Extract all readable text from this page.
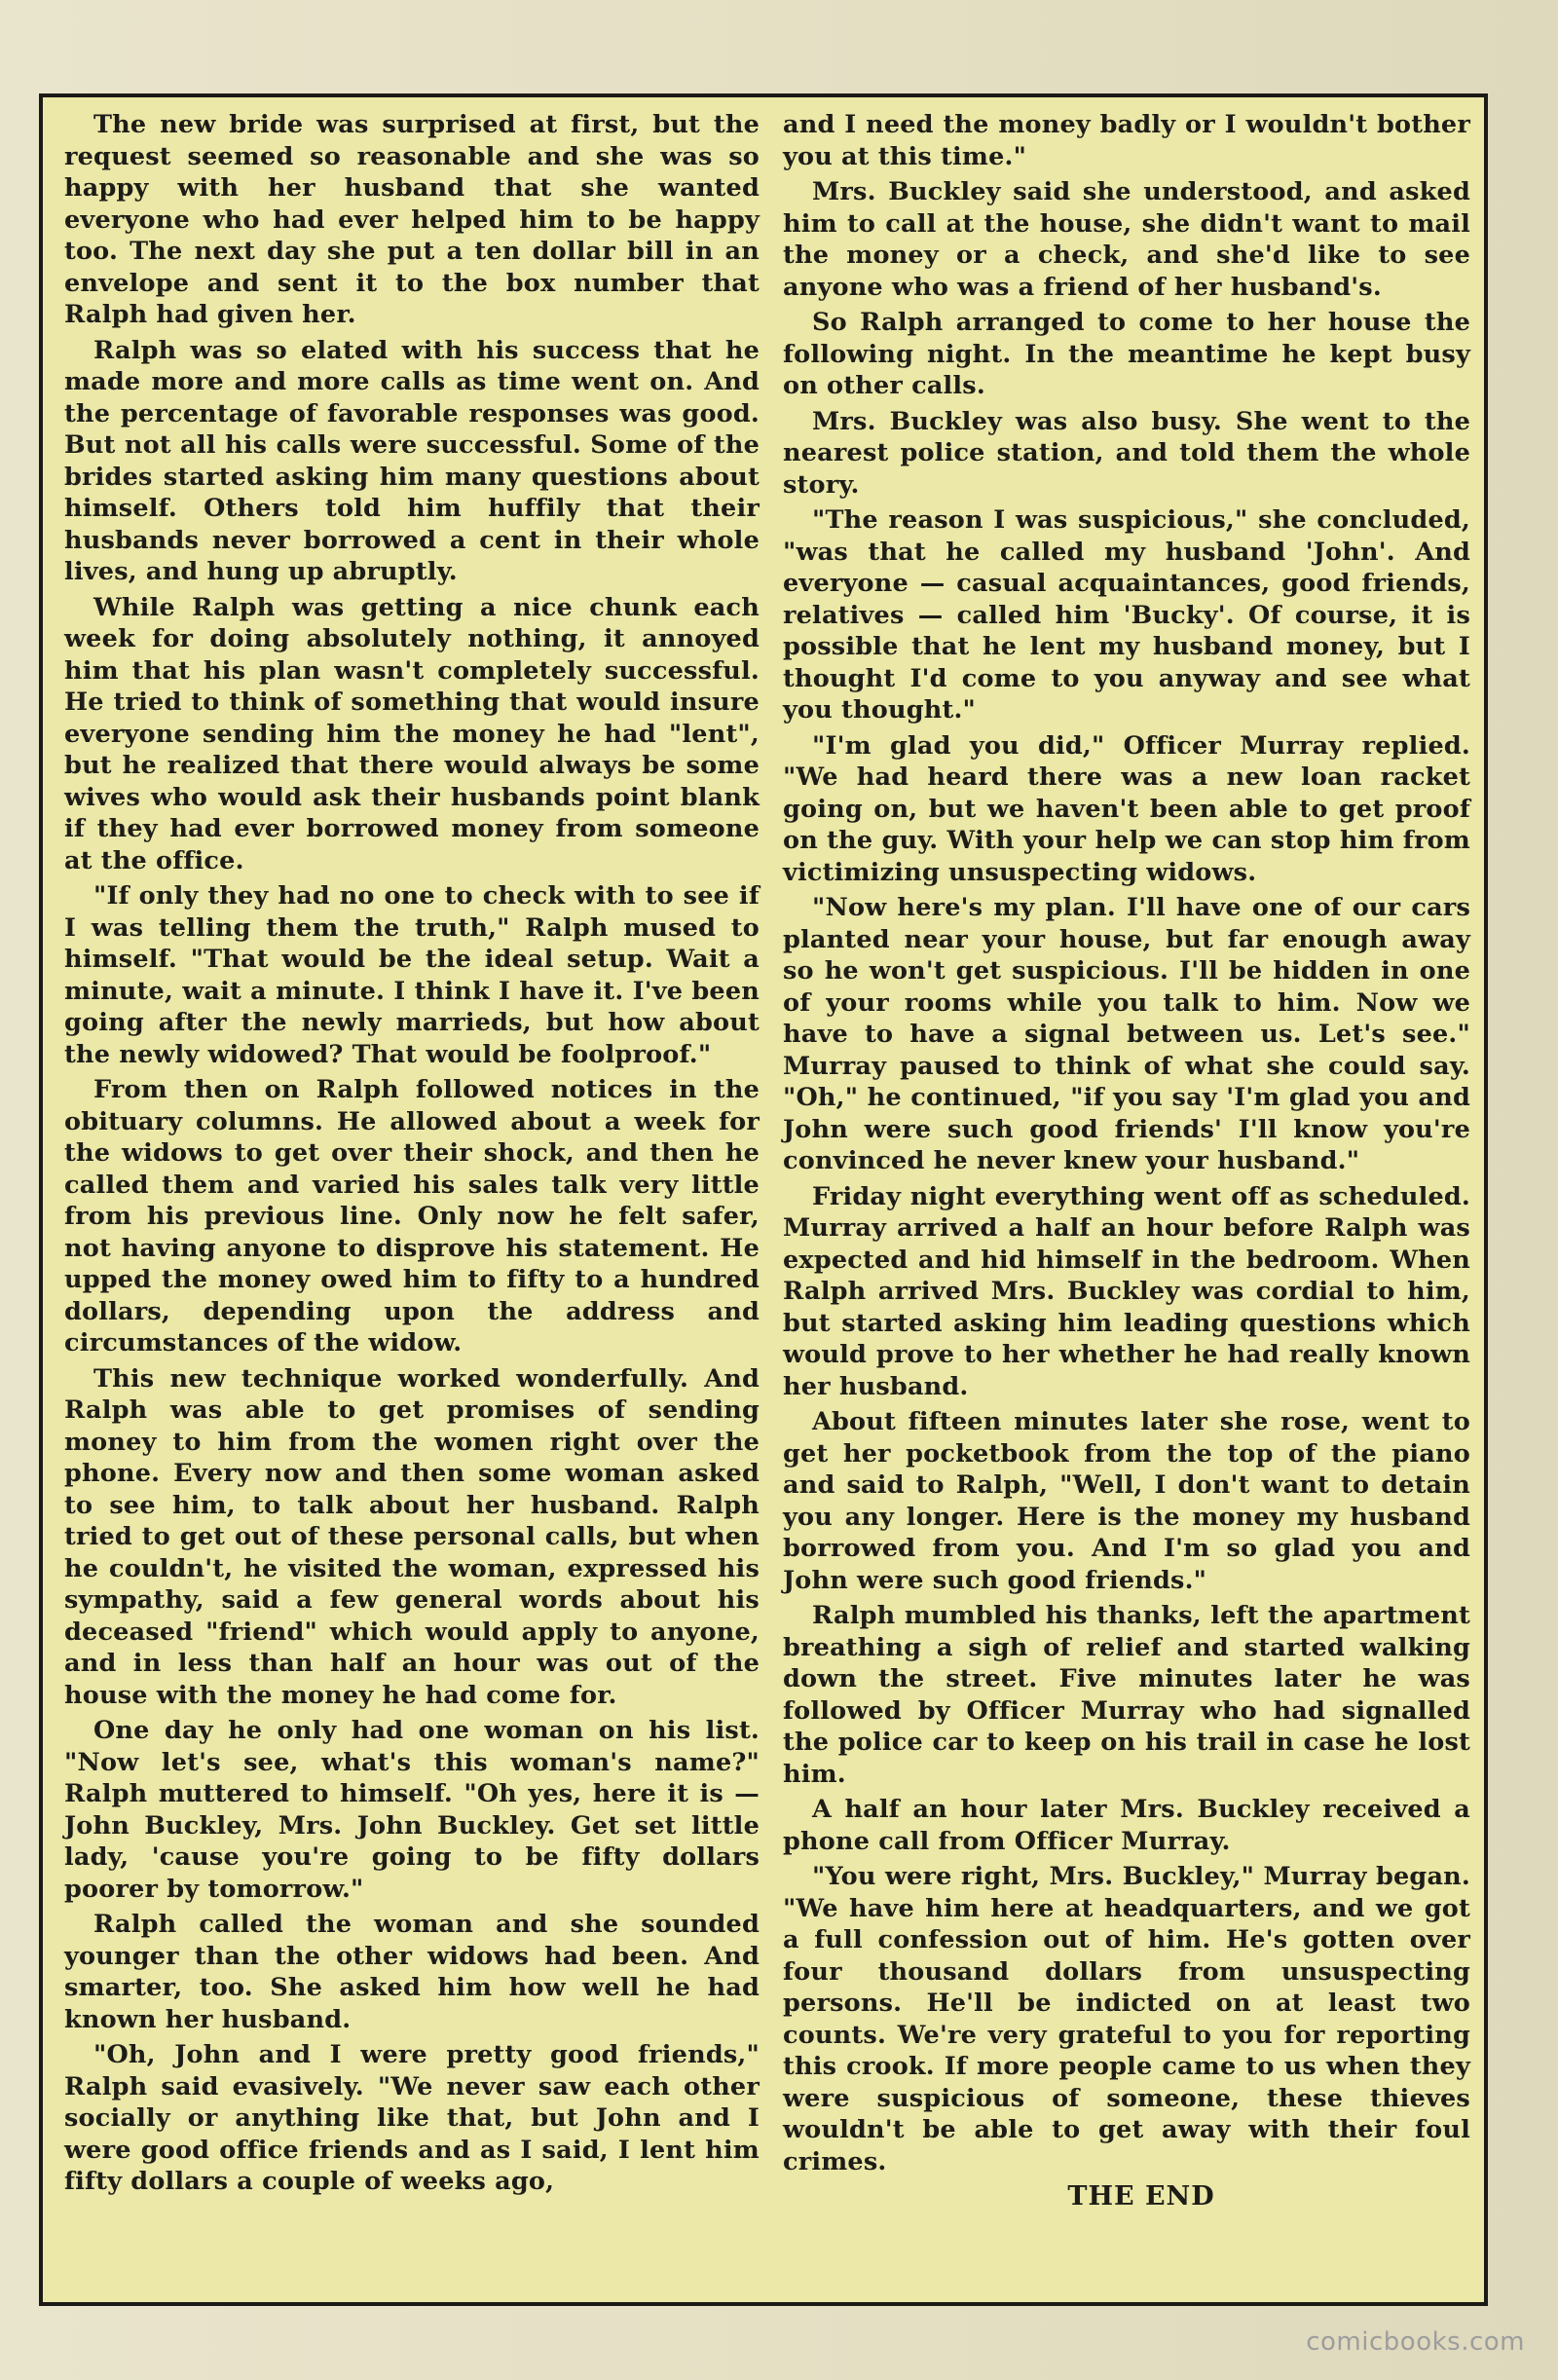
The new bride was surprised at first, but the request seemed so reasonable and she was so happy with her husband that she wanted everyone who had ever helped him to be happy too. The next day she put a ten dollar bill in an envelope and sent it to the box number that Ralph had given her.

Ralph was so elated with his success that he made more and more calls as time went on. And the percentage of favorable responses was good. But not all his calls were successful. Some of the brides started asking him many questions about himself. Others told him huffily that their husbands never borrowed a cent in their whole lives, and hung up abruptly.

While Ralph was getting a nice chunk each week for doing absolutely nothing, it annoyed him that his plan wasn't completely successful. He tried to think of something that would insure everyone sending him the money he had "lent", but he realized that there would always be some wives who would ask their husbands point blank if they had ever borrowed money from someone at the office.

"If only they had no one to check with to see if I was telling them the truth," Ralph mused to himself. "That would be the ideal setup. Wait a minute, wait a minute. I think I have it. I've been going after the newly marrieds, but how about the newly widowed? That would be foolproof."

From then on Ralph followed notices in the obituary columns. He allowed about a week for the widows to get over their shock, and then he called them and varied his sales talk very little from his previous line. Only now he felt safer, not having anyone to disprove his statement. He upped the money owed him to fifty to a hundred dollars, depending upon the address and circumstances of the widow.

This new technique worked wonderfully. And Ralph was able to get promises of sending money to him from the women right over the phone. Every now and then some woman asked to see him, to talk about her husband. Ralph tried to get out of these personal calls, but when he couldn't, he visited the woman, expressed his sympathy, said a few general words about his deceased "friend" which would apply to anyone, and in less than half an hour was out of the house with the money he had come for.

One day he only had one woman on his list. "Now let's see, what's this woman's name?" Ralph muttered to himself. "Oh yes, here it is — John Buckley, Mrs. John Buckley. Get set little lady, 'cause you're going to be fifty dollars poorer by tomorrow."

Ralph called the woman and she sounded younger than the other widows had been. And smarter, too. She asked him how well he had known her husband.

"Oh, John and I were pretty good friends," Ralph said evasively. "We never saw each other socially or anything like that, but John and I were good office friends and as I said, I lent him fifty dollars a couple of weeks ago,

and I need the money badly or I wouldn't bother you at this time."

Mrs. Buckley said she understood, and asked him to call at the house, she didn't want to mail the money or a check, and she'd like to see anyone who was a friend of her husband's.

So Ralph arranged to come to her house the following night. In the meantime he kept busy on other calls.

Mrs. Buckley was also busy. She went to the nearest police station, and told them the whole story.

"The reason I was suspicious," she concluded, "was that he called my husband 'John'. And everyone — casual acquaintances, good friends, relatives — called him 'Bucky'. Of course, it is possible that he lent my husband money, but I thought I'd come to you anyway and see what you thought."

"I'm glad you did," Officer Murray replied. "We had heard there was a new loan racket going on, but we haven't been able to get proof on the guy. With your help we can stop him from victimizing unsuspecting widows.

"Now here's my plan. I'll have one of our cars planted near your house, but far enough away so he won't get suspicious. I'll be hidden in one of your rooms while you talk to him. Now we have to have a signal between us. Let's see." Murray paused to think of what she could say. "Oh," he continued, "if you say 'I'm glad you and John were such good friends' I'll know you're convinced he never knew your husband."

Friday night everything went off as scheduled. Murray arrived a half an hour before Ralph was expected and hid himself in the bedroom. When Ralph arrived Mrs. Buckley was cordial to him, but started asking him leading questions which would prove to her whether he had really known her husband.

About fifteen minutes later she rose, went to get her pocketbook from the top of the piano and said to Ralph, "Well, I don't want to detain you any longer. Here is the money my husband borrowed from you. And I'm so glad you and John were such good friends."

Ralph mumbled his thanks, left the apartment breathing a sigh of relief and started walking down the street. Five minutes later he was followed by Officer Murray who had signalled the police car to keep on his trail in case he lost him.

A half an hour later Mrs. Buckley received a phone call from Officer Murray.

"You were right, Mrs. Buckley," Murray began. "We have him here at headquarters, and we got a full confession out of him. He's gotten over four thousand dollars from unsuspecting persons. He'll be indicted on at least two counts. We're very grateful to you for reporting this crook. If more people came to us when they were suspicious of someone, these thieves wouldn't be able to get away with their foul crimes.

THE END

comicbooks.com
